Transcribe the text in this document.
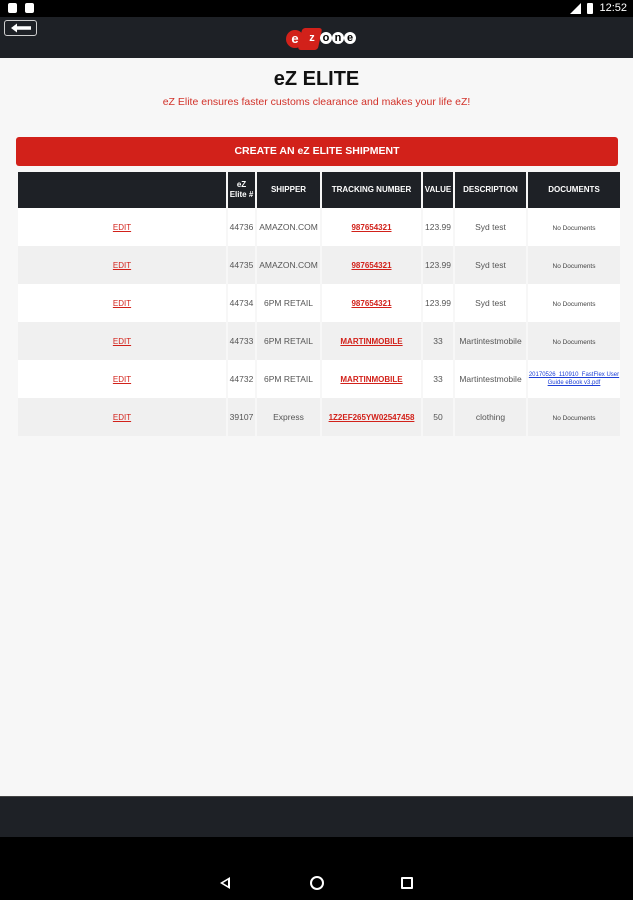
12:52
e z o n e
eZ ELITE
eZ Elite ensures faster customs clearance and makes your life eZ!
CREATE AN eZ ELITE SHIPMENT
	eZ Elite #	SHIPPER	TRACKING NUMBER	VALUE	DESCRIPTION	DOCUMENTS
EDIT	44736	AMAZON.COM	987654321	123.99	Syd test	No Documents
EDIT	44735	AMAZON.COM	987654321	123.99	Syd test	No Documents
EDIT	44734	6PM RETAIL	987654321	123.99	Syd test	No Documents
EDIT	44733	6PM RETAIL	MARTINMOBILE	33	Martintestmobile	No Documents
EDIT	44732	6PM RETAIL	MARTINMOBILE	33	Martintestmobile	20170526_110910_FastFlex User Guide eBook v3.pdf

EDIT	39107	Express	1Z2EF265YW02547458	50	clothing	No Documents
